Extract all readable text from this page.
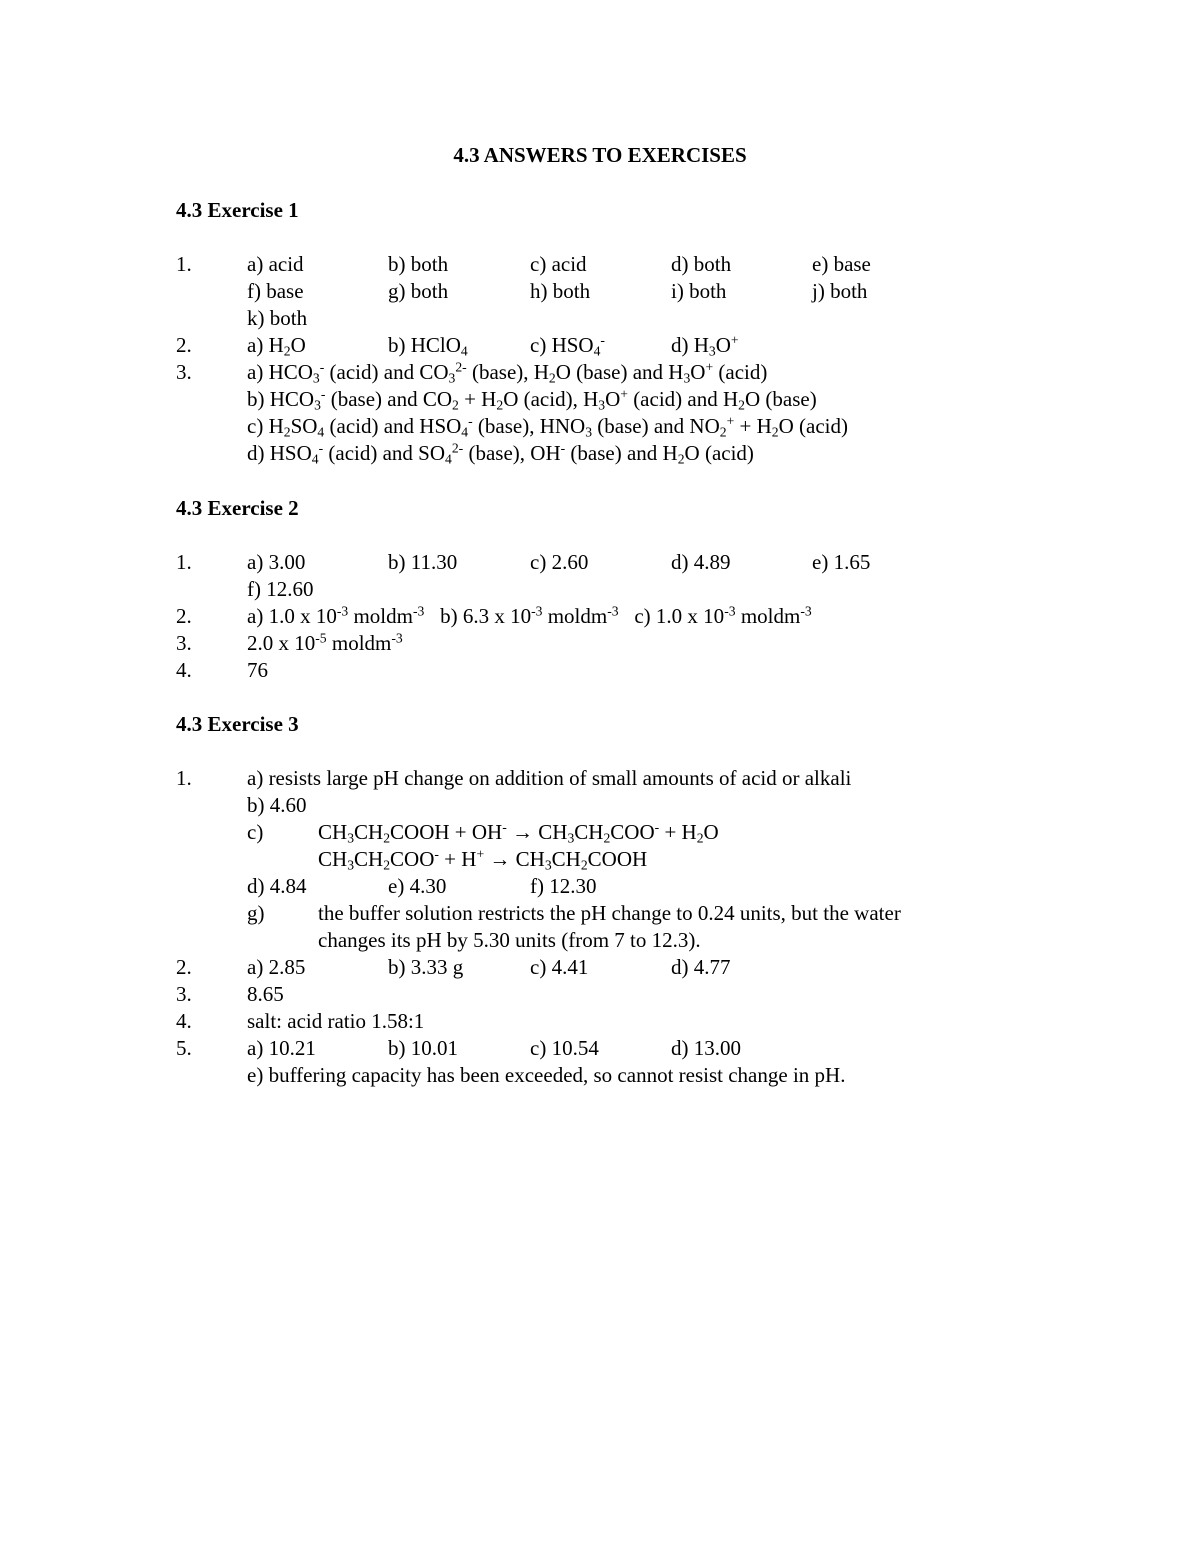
4.3 ANSWERS TO EXERCISES
4.3 Exercise 1
1.	a) acid	b) both	c) acid	d) both	e) base
f) base	g) both	h) both	i) both	j) both
k) both
2.	a) $H_2O$	b) HClO$_4$	c) $HSO_4^-$	d) $H_3O^+$
3.	a) $HCO_3^-$ (acid) and $CO_3^{2-}$ (base), $H_2O$ (base) and $H_3O^+$ (acid)
b) $HCO_3^-$ (base) and $CO_2 + H_2O$ (acid), $H_3O^+$ (acid) and $H_2O$ (base)
c) $H_2SO_4$ (acid) and $HSO_4^-$ (base), $HNO_3$ (base) and $NO_2^+ + H_2O$ (acid)
d) $HSO_4^-$ (acid) and $SO_4^{2-}$ (base), OH- (base) and $H_2O$ (acid)
4.3 Exercise 2
1.	a) 3.00	b) 11.30	c) 2.60	d) 4.89	e) 1.65
f) 12.60
2.	a) 1.0 x $10^{-3}$ moldm$^{-3}$   b) 6.3 x $10^{-3}$ moldm$^{-3}$   c) 1.0 x $10^{-3}$ moldm$^{-3}$
3.	2.0 x $10^{-5}$ moldm$^{-3}$
4.	76
4.3 Exercise 3
1.	a) resists large pH change on addition of small amounts of acid or alkali
b) 4.60
c)	$CH_3CH_2COOH + OH^- \to CH_3CH_2COO^- + H_2O$
$CH_3CH_2COO^- + H^+$ → $CH_3CH_2COOH$
d) 4.84	e) 4.30	f) 12.30
g)	the buffer solution restricts the pH change to 0.24 units, but the water
changes its pH by 5.30 units (from 7 to 12.3).
2.	a) 2.85	b) 3.33 g	c) 4.41	d) 4.77
3.	8.65
4.	salt: acid ratio 1.58:1
5.	a) 10.21	b) 10.01	c) 10.54	d) 13.00
e) buffering capacity has been exceeded, so cannot resist change in pH.
